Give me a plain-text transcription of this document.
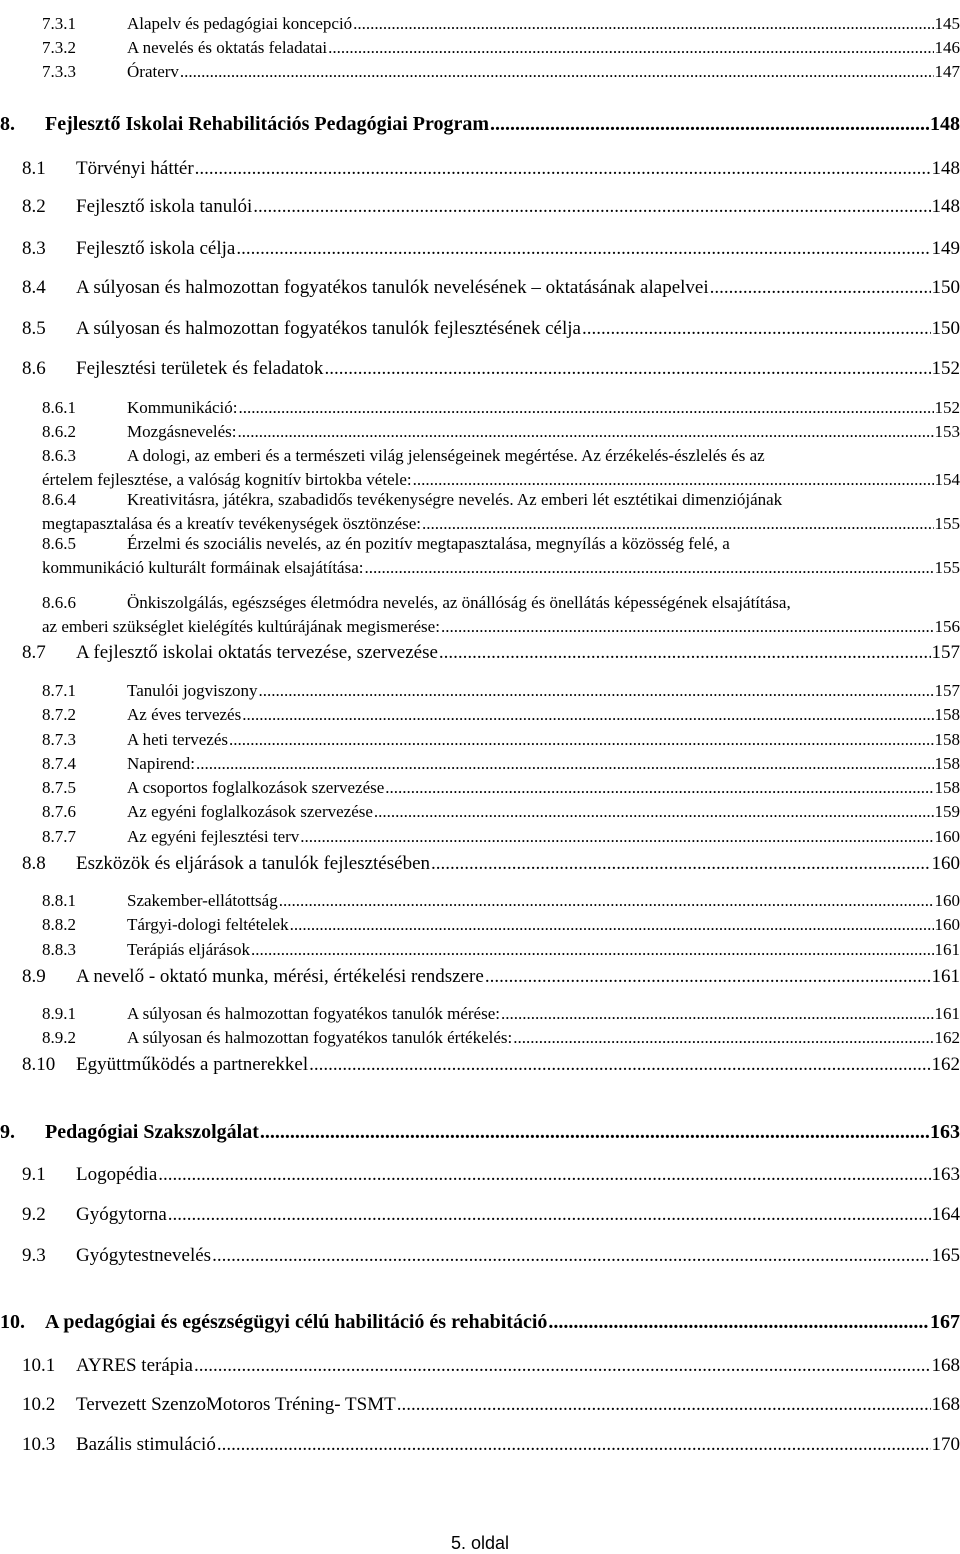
7.3.1	Alapelv és pedagógiai koncepció .....	145
7.3.2	A nevelés és oktatás feladatai .....	146
7.3.3	Óraterv .....	147
8. Fejlesztő Iskolai Rehabilitációs Pedagógiai Program .....	148
8.1 Törvényi háttér .....	148
8.2 Fejlesztő iskola tanulói .....	148
8.3 Fejlesztő iskola célja .....	149
8.4 A súlyosan és halmozottan fogyatékos tanulók nevelésének – oktatásának alapelvei .....	150
8.5 A súlyosan és halmozottan fogyatékos tanulók fejlesztésének célja .....	150
8.6 Fejlesztési területek és feladatok .....	152
8.6.1	Kommunikáció: .....	152
8.6.2	Mozgásnevelés: .....	153
8.6.3	A dologi, az emberi és a természeti világ jelenségeinek megértése. Az érzékelés-észlelés és az
értelem fejlesztése, a valóság kognitív birtokba vétele: .....	154
8.6.4	Kreativitásra, játékra, szabadidős tevékenységre nevelés. Az emberi lét esztétikai dimenziójának
megtapasztalása és a kreatív tevékenységek ösztönzése: .....	155
8.6.5	Érzelmi és szociális nevelés, az én pozitív megtapasztalása, megnyílás a közösség felé, a
kommunikáció kulturált formáinak elsajátítása: .....	155
8.6.6	Önkiszolgálás, egészséges életmódra nevelés, az önállóság és önellátás képességének elsajátítása,
az emberi szükséglet kielégítés kultúrájának megismerése: .....	156
8.7 A fejlesztő iskolai oktatás tervezése, szervezése .....	157
8.7.1	Tanulói jogviszony .....	157
8.7.2	Az éves tervezés .....	158
8.7.3	A heti tervezés .....	158
8.7.4	Napirend: .....	158
8.7.5	A csoportos foglalkozások szervezése .....	158
8.7.6	Az egyéni foglalkozások szervezése .....	159
8.7.7	Az egyéni fejlesztési terv .....	160
8.8 Eszközök és eljárások a tanulók fejlesztésében .....	160
8.8.1	Szakember-ellátottság .....	160
8.8.2	Tárgyi-dologi feltételek .....	160
8.8.3	Terápiás eljárások .....	161
8.9 A nevelő - oktató munka, mérési, értékelési rendszere .....	161
8.9.1	A súlyosan és halmozottan fogyatékos tanulók mérése: .....	161
8.9.2	A súlyosan és halmozottan fogyatékos tanulók értékelés: .....	162
8.10 Együttműködés a partnerekkel .....	162
9. Pedagógiai Szakszolgálat .....	163
9.1 Logopédia .....	163
9.2 Gyógytorna .....	164
9.3 Gyógytestnevelés .....	165
10. A pedagógiai és egészségügyi célú habilitáció és rehabitáció .....	167
10.1 AYRES terápia .....	168
10.2 Tervezett SzenzoMotoros Tréning- TSMT .....	168
10.3 Bazális stimuláció .....	170
5. oldal
